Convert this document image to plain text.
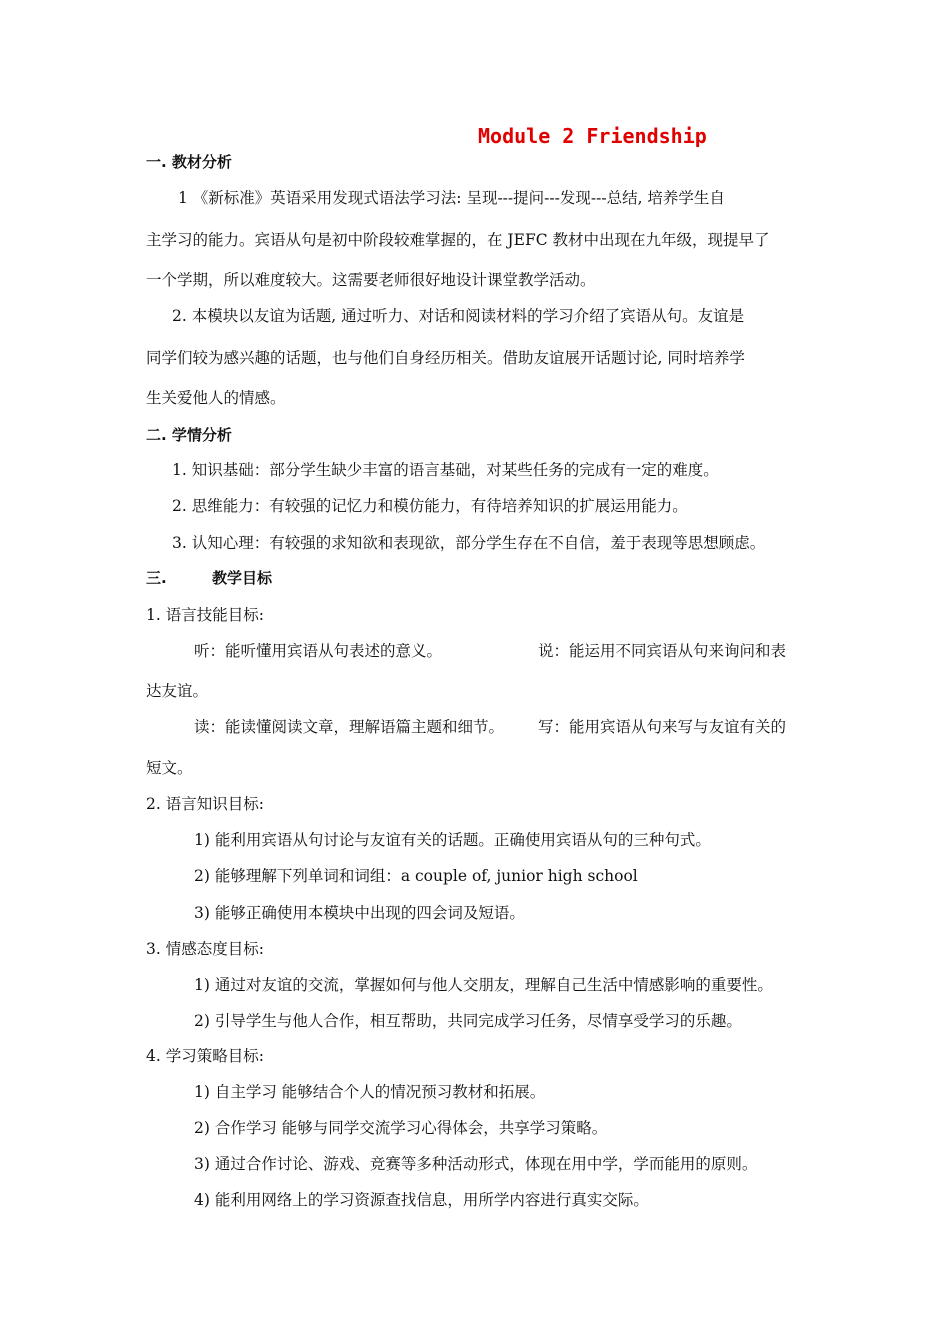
Module 2 Friendship
一. 教材分析
1 《新标准》英语采用发现式语法学习法: 呈现---提问---发现---总结, 培养学生自
主学习的能力。宾语从句是初中阶段较难掌握的，在 JEFC 教材中出现在九年级，现提早了
一个学期，所以难度较大。这需要老师很好地设计课堂教学活动。
2. 本模块以友谊为话题, 通过听力、对话和阅读材料的学习介绍了宾语从句。友谊是
同学们较为感兴趣的话题，也与他们自身经历相关。借助友谊展开话题讨论, 同时培养学
生关爱他人的情感。
二. 学情分析
1. 知识基础：部分学生缺少丰富的语言基础，对某些任务的完成有一定的难度。
2. 思维能力：有较强的记忆力和模仿能力，有待培养知识的扩展运用能力。
3. 认知心理：有较强的求知欲和表现欲，部分学生存在不自信，羞于表现等思想顾虑。
三.	教学目标
1. 语言技能目标:
听：能听懂用宾语从句表述的意义。	说：能运用不同宾语从句来询问和表
达友谊。
读：能读懂阅读文章，理解语篇主题和细节。 写：能用宾语从句来写与友谊有关的
短文。
2. 语言知识目标:
1) 能利用宾语从句讨论与友谊有关的话题。正确使用宾语从句的三种句式。
2) 能够理解下列单词和词组：a couple of, junior high school
3) 能够正确使用本模块中出现的四会词及短语。
3. 情感态度目标:
1) 通过对友谊的交流，掌握如何与他人交朋友，理解自己生活中情感影响的重要性。
2) 引导学生与他人合作，相互帮助，共同完成学习任务，尽情享受学习的乐趣。
4. 学习策略目标:
1) 自主学习 能够结合个人的情况预习教材和拓展。
2) 合作学习 能够与同学交流学习心得体会，共享学习策略。
3) 通过合作讨论、游戏、竞赛等多种活动形式，体现在用中学，学而能用的原则。
4) 能利用网络上的学习资源查找信息，用所学内容进行真实交际。
